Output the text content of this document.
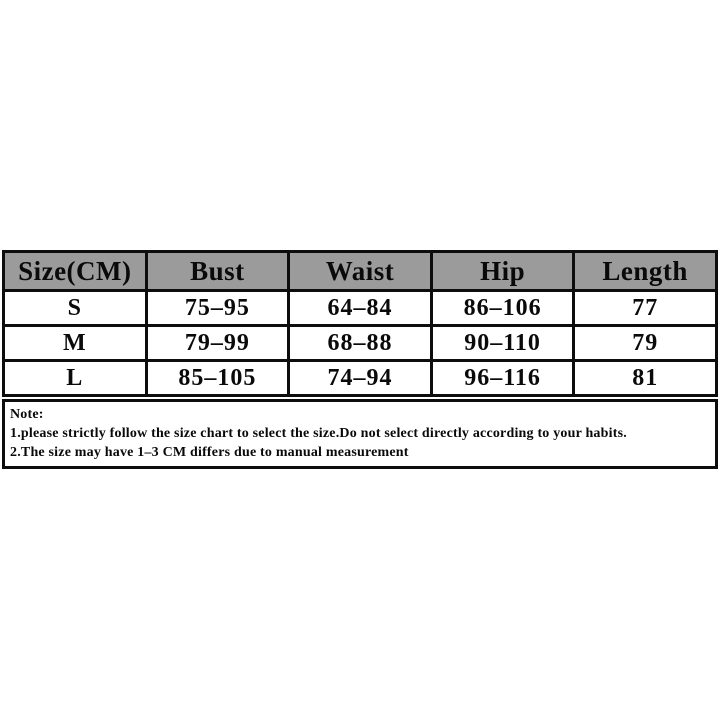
Size(CM)	Bust	Waist	Hip	Length
S	75–95	64–84	86–106	77
M	79–99	68–88	90–110	79
L	85–105	74–94	96–116	81
Note:
1.please strictly follow the size chart to select the size.Do not select directly according to your habits.
2.The size may have 1–3 CM differs due to manual measurement
